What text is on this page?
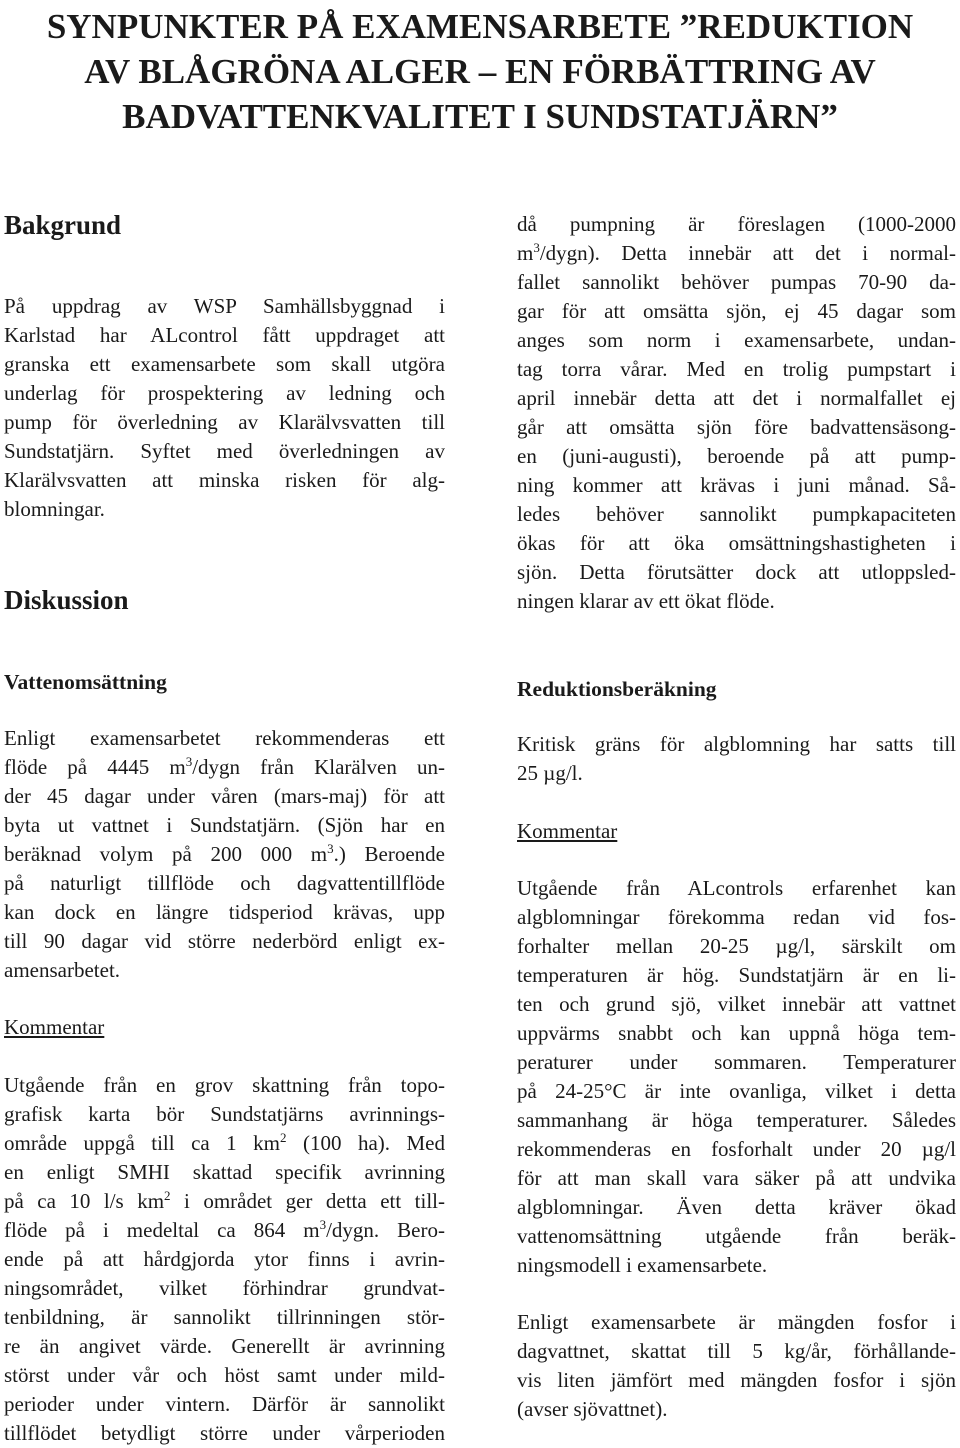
SYNPUNKTER PÅ EXAMENSARBETE ”REDUKTION
AV BLÅGRÖNA ALGER – EN FÖRBÄTTRING AV
BADVATTENKVALITET I SUNDSTATJÄRN”
Bakgrund
På uppdrag av WSP Samhällsbyggnad i
Karlstad har ALcontrol fått uppdraget att
granska ett examensarbete som skall utgöra
underlag för prospektering av ledning och
pump för överledning av Klarälvsvatten till
Sundstatjärn. Syftet med överledningen av
Klarälvsvatten att minska risken för alg-
blomningar.
Diskussion
då pumpning är föreslagen (1000-2000
$m^3/dygn$). Detta innebär att det i normal-
fallet sannolikt behöver pumpas 70-90 da-
gar för att omsätta sjön, ej 45 dagar som
anges som norm i examensarbete, undan-
tag torra vårar. Med en trolig pumpstart i
april innebär detta att det i normalfallet ej
går att omsätta sjön före badvattensäsong-
en (juni-augusti), beroende på att pump-
ning kommer att krävas i juni månad. Så-
ledes behöver sannolikt pumpkapaciteten
ökas för att öka omsättningshastigheten i
sjön. Detta förutsätter dock att utloppsled-
ningen klarar av ett ökat flöde.
Vattenomsättning
Enligt examensarbetet rekommenderas ett
flöde på 4445 $m^3$/dygn från Klarälven un-
der 45 dagar under våren (mars-maj) för att
byta ut vattnet i Sundstatjärn. (Sjön har en
beräknad volym på 200 000 $m^3$.) Beroende
på naturligt tillflöde och dagvattentillflöde
kan dock en längre tidsperiod krävas, upp
till 90 dagar vid större nederbörd enligt ex-
amensarbetet.
Kommentar
Utgående från en grov skattning från topo-
grafisk karta bör Sundstatjärns avrinnings-
område uppgå till ca 1 $km^2$ (100 ha). Med
en enligt SMHI skattad specifik avrinning
på ca 10 l/s $km^2$ i området ger detta ett till-
flöde på i medeltal ca 864 $m^3$/dygn. Bero-
ende på att hårdgjorda ytor finns i avrin-
ningsområdet, vilket förhindrar grundvat-
tenbildning, är sannolikt tillrinningen stör-
re än angivet värde. Generellt är avrinning
störst under vår och höst samt under mild-
perioder under vintern. Därför är sannolikt
tillflödet betydligt större under vårperioden
Reduktionsberäkning
Kritisk gräns för algblomning har satts till
25 µg/l.
Kommentar
Utgående från ALcontrols erfarenhet kan
algblomningar förekomma redan vid fos-
forhalter mellan 20-25 µg/l, särskilt om
temperaturen är hög. Sundstatjärn är en li-
ten och grund sjö, vilket innebär att vattnet
uppvärms snabbt och kan uppnå höga tem-
peraturer under sommaren. Temperaturer
på 24-25°C är inte ovanliga, vilket i detta
sammanhang är höga temperaturer. Således
rekommenderas en fosforhalt under 20 µg/l
för att man skall vara säker på att undvika
algblomningar. Även detta kräver ökad
vattenomsättning utgående från beräk-
ningsmodell i examensarbete.
Enligt examensarbete är mängden fosfor i
dagvattnet, skattat till 5 kg/år, förhållande-
vis liten jämfört med mängden fosfor i sjön
(avser sjövattnet).
